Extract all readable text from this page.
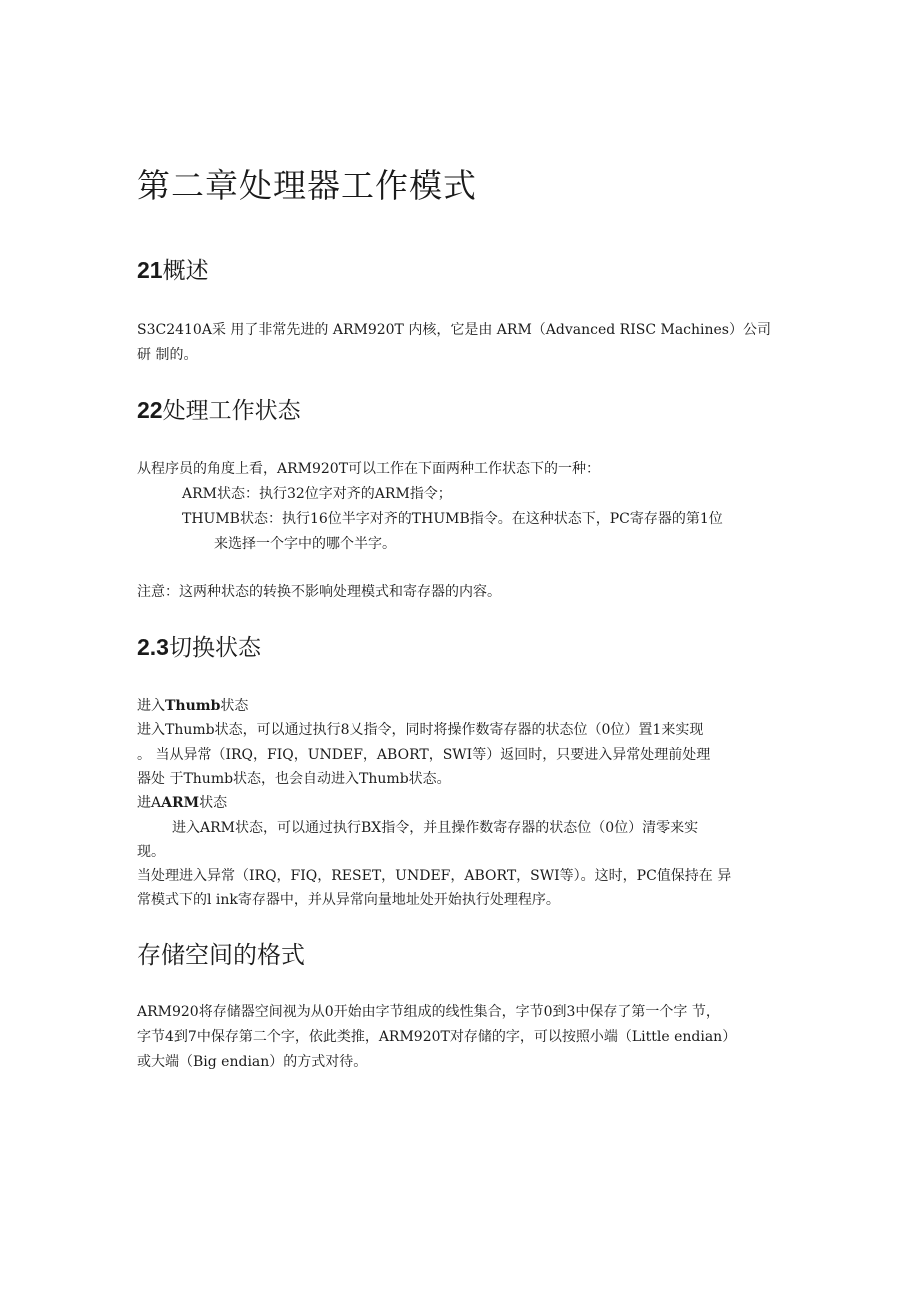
第二章处理器工作模式
21概述
S3C2410A采 用了非常先进的 ARM920T 内核，它是由 ARM（Advanced RISC Machines）公司
研 制的。
22处理工作状态
从程序员的角度上看，ARM920T可以工作在下面两种工作状态下的一种：
ARM状态：执行32位字对齐的ARM指令；
THUMB状态：执行16位半字对齐的THUMB指令。在这种状态下，PC寄存器的第1位
来选择一个字中的哪个半字。
注意：这两种状态的转换不影响处理模式和寄存器的内容。
2.3切换状态
进入Thumb状态
进入Thumb状态，可以通过执行8乂指令，同时将操作数寄存器的状态位（0位）置1来实现
。 当从异常（IRQ，FIQ，UNDEF，ABORT，SWI等）返回时，只要进入异常处理前处理
器处 于Thumb状态，也会自动进入Thumb状态。
进AARM状态
进入ARM状态，可以通过执行BX指令，并且操作数寄存器的状态位（0位）清零来实
现。
当处理进入异常（IRQ，FIQ，RESET，UNDEF，ABORT，SWI等）。这时，PC值保持在 异
常模式下的l ink寄存器中，并从异常向量地址处开始执行处理程序。
存储空间的格式
ARM920将存储器空间视为从0开始由字节组成的线性集合，字节0到3中保存了第一个字 节，
字节4到7中保存第二个字，依此类推，ARM920T对存储的字，可以按照小端（Little endian）
或大端（Big endian）的方式对待。
